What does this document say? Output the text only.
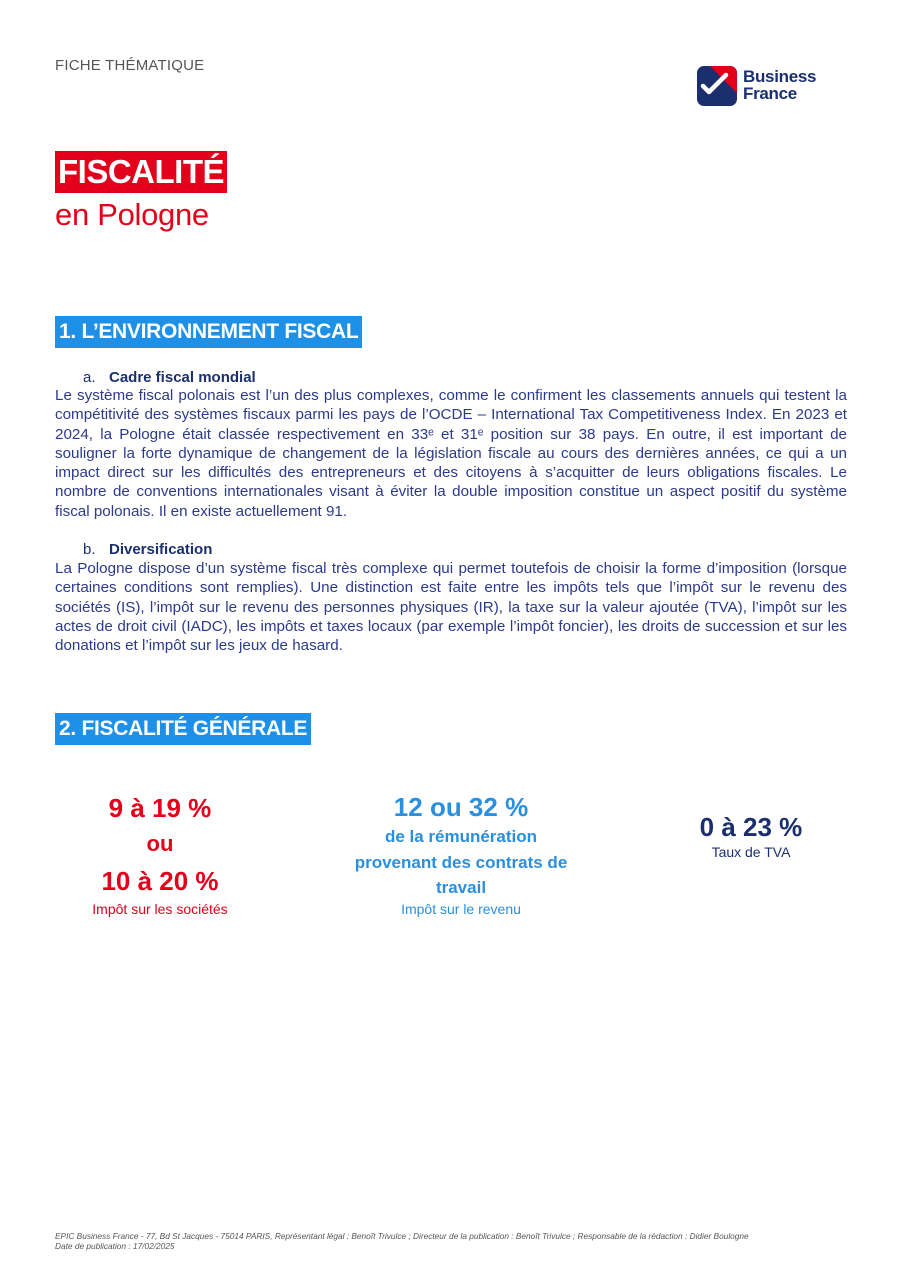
FICHE THÉMATIQUE
Business
France
FISCALITÉ
en Pologne
1. L’ENVIRONNEMENT FISCAL
a. Cadre fiscal mondial

Le système fiscal polonais est l’un des plus complexes, comme le confirment les classements annuels qui testent la compétitivité des systèmes fiscaux parmi les pays de l’OCDE – International Tax Competitiveness Index. En 2023 et 2024, la Pologne était classée respectivement en 33ᵉ et 31ᵉ position sur 38 pays. En outre, il est important de souligner la forte dynamique de changement de la législation fiscale au cours des dernières années, ce qui a un impact direct sur les difficultés des entrepreneurs et des citoyens à s’acquitter de leurs obligations fiscales. Le nombre de conventions internationales visant à éviter la double imposition constitue un aspect positif du système fiscal polonais. Il en existe actuellement 91.

b. Diversification

La Pologne dispose d’un système fiscal très complexe qui permet toutefois de choisir la forme d’imposition (lorsque certaines conditions sont remplies). Une distinction est faite entre les impôts tels que l’impôt sur le revenu des sociétés (IS), l’impôt sur le revenu des personnes physiques (IR), la taxe sur la valeur ajoutée (TVA), l’impôt sur les actes de droit civil (IADC), les impôts et taxes locaux (par exemple l’impôt foncier), les droits de succession et sur les donations et l’impôt sur les jeux de hasard.

2. FISCALITÉ GÉNÉRALE
9 à 19 %
ou
10 à 20 %
Impôt sur les sociétés
12 ou 32 %
de la rémunération
provenant des contrats de
travail
Impôt sur le revenu
0 à 23 %
Taux de TVA
EPIC Business France - 77, Bd St Jacques - 75014 PARIS, Représentant légal : Benoît Trivulce ; Directeur de la publication : Benoît Trivulce ; Responsable de la rédaction : Didier Boulogne
Date de publication : 17/02/2025
